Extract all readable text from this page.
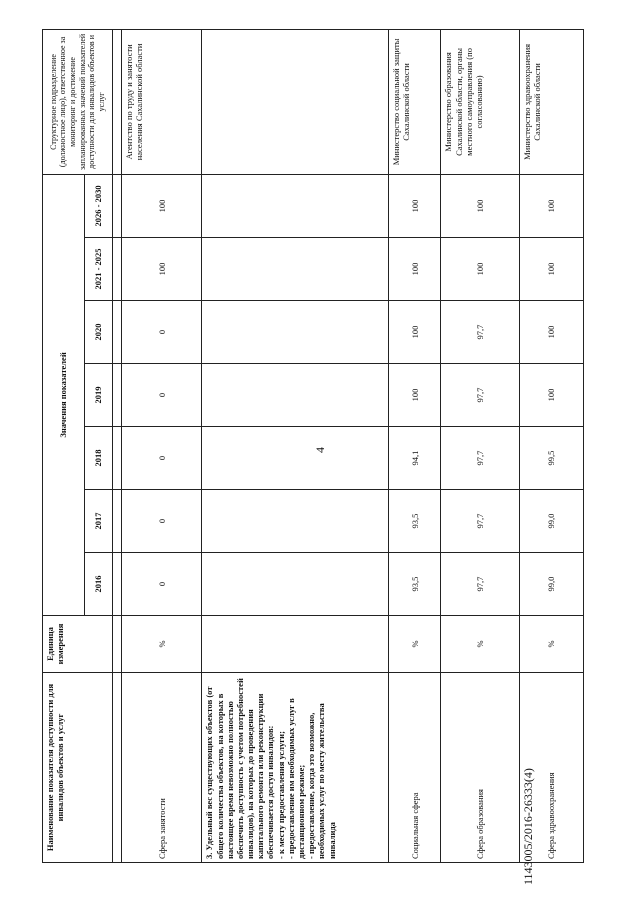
4
Наименование показателя доступности для инвалидов объектов и услуг	Единица измерения	Значения показателей							Структурное подразделение (должностное лицо), ответственное за мониторинг и достижение запланированных значений показателей доступности для инвалидов объектов и услуг
		2016	2017	2018	2019	2020	2021 - 2025	2026 - 2030	

Сфера занятости	%	0	0	0	0	0	100	100	Агентство по труду и занятости населения Сахалинской области

3. Удельный вес существующих объектов (от общего количества объектов, на которых в настоящее время невозможно полностью обеспечить доступность с учетом потребностей инвалидов), на которых до проведения капитального ремонта или реконструкции обеспечивается доступ инвалидов: - к месту предоставления услуги; - предоставление им необходимых услуг в дистанционном режиме; - предоставление, когда это возможно, необходимых услуг по месту жительства инвалида									

Социальная сфера	%	93,5	93,5	94,1	100	100	100	100	Министерство социальной защиты Сахалинской области
Сфера образования	%	97,7	97,7	97,7	97,7	97,7	100	100	Министерство образования Сахалинской области, органы местного самоуправления (по согласованию)
Сфера здравоохранения	%	99,0	99,0	99,5	100	100	100	100	Министерство здравоохранения Сахалинской области
1143005/2016-26333(4)
